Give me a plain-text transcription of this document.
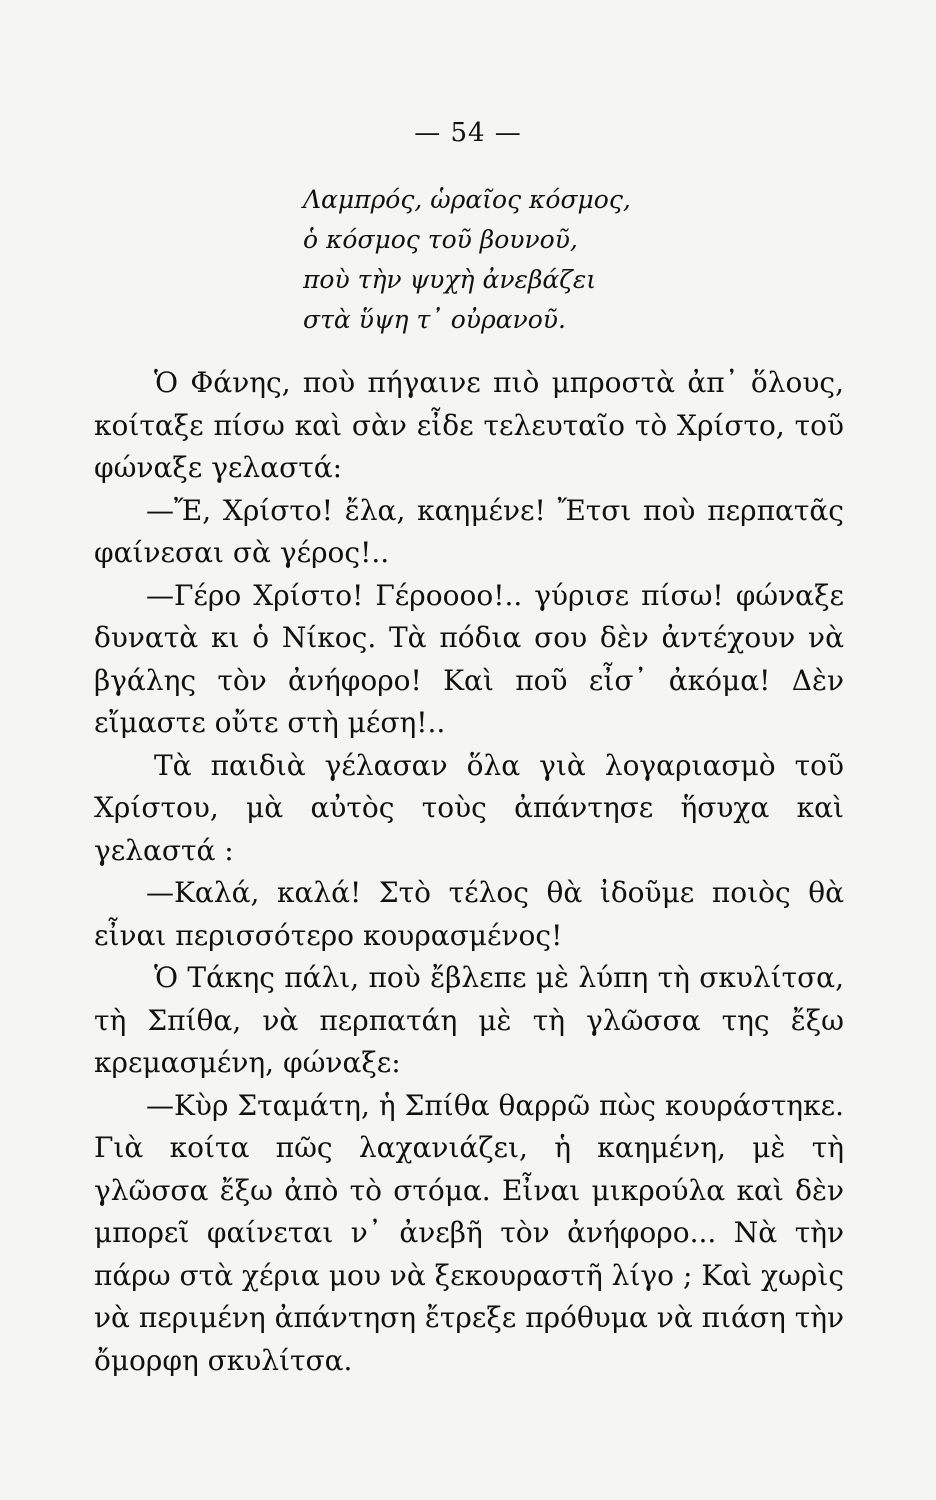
— 54 —
Λαμπρός, ὡραῖος κόσμος,
ὁ κόσμος τοῦ βουνοῦ,
ποὺ τὴν ψυχὴ ἀνεβάζει
στὰ ὕψη τ᾽ οὐρανοῦ.

Ὁ Φάνης, ποὺ πήγαινε πιὸ μπροστὰ ἀπ᾽ ὅλους, κοίταξε πίσω καὶ σὰν εἶδε τελευταῖο τὸ Χρίστο, τοῦ φώναξε γελαστά:

—Ἔ, Χρίστο! ἔλα, καημένε! Ἔτσι ποὺ περπατᾶς φαίνεσαι σὰ γέρος!..

—Γέρο Χρίστο! Γέροοοο!.. γύρισε πίσω! φώναξε δυνατὰ κι ὁ Νίκος. Τὰ πόδια σου δὲν ἀντέχουν νὰ βγάλης τὸν ἀνήφορο! Καὶ ποῦ εἶσ᾽ ἀκόμα! Δὲν εἴμαστε οὔτε στὴ μέση!..

Τὰ παιδιὰ γέλασαν ὅλα γιὰ λογαριασμὸ τοῦ Χρίστου, μὰ αὐτὸς τοὺς ἀπάντησε ἥσυχα καὶ γελαστά :

—Καλά, καλά! Στὸ τέλος θὰ ἰδοῦμε ποιὸς θὰ εἶναι περισσότερο κουρασμένος!

Ὁ Τάκης πάλι, ποὺ ἔβλεπε μὲ λύπη τὴ σκυλίτσα, τὴ Σπίθα, νὰ περπατάη μὲ τὴ γλῶσσα της ἔξω κρεμασμένη, φώναξε:

—Κὺρ Σταμάτη, ἡ Σπίθα θαρρῶ πὼς κουράστηκε. Γιὰ κοίτα πῶς λαχανιάζει, ἡ καημένη, μὲ τὴ γλῶσσα ἔξω ἀπὸ τὸ στόμα. Εἶναι μικρούλα καὶ δὲν μπορεῖ φαίνεται ν᾽ ἀνεβῆ τὸν ἀνήφορο... Νὰ τὴν πάρω στὰ χέρια μου νὰ ξεκουραστῆ λίγο ; Καὶ χωρὶς νὰ περιμένη ἀπάντηση ἔτρεξε πρόθυμα νὰ πιάση τὴν ὄμορφη σκυλίτσα.
